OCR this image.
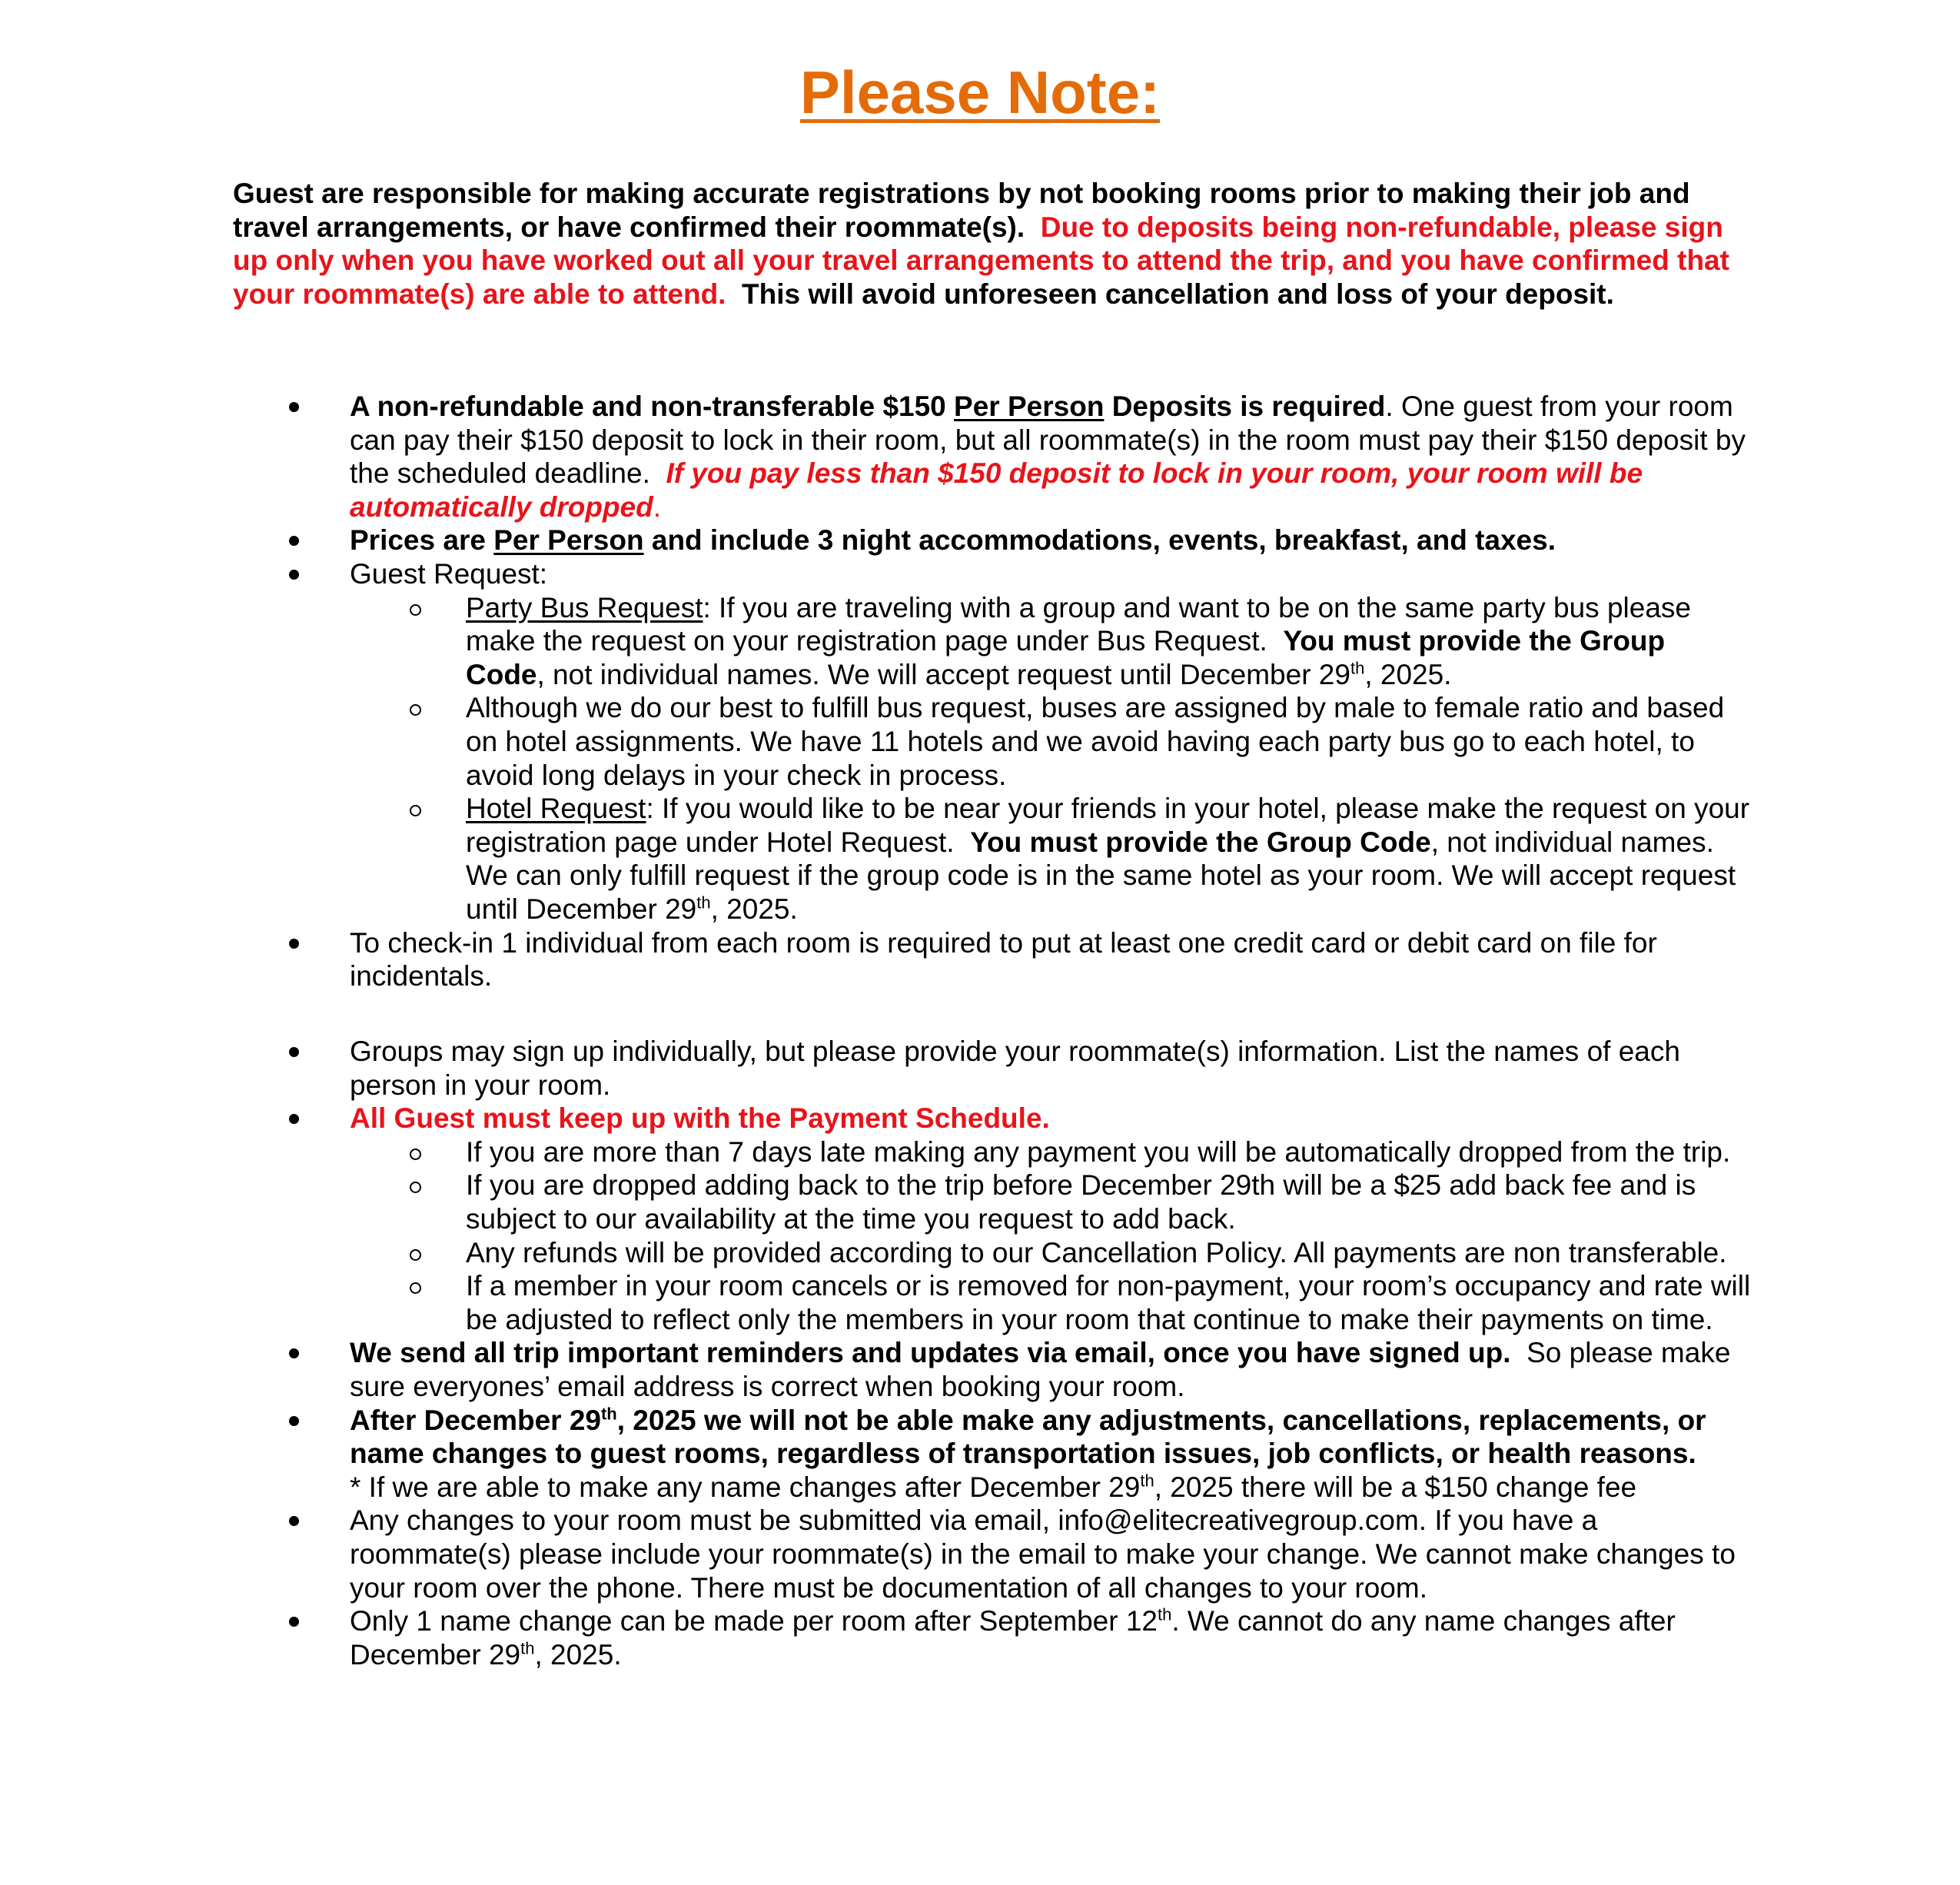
Please Note:
Guest are responsible for making accurate registrations by not booking rooms prior to making their job and travel arrangements, or have confirmed their roommate(s). Due to deposits being non-refundable, please sign up only when you have worked out all your travel arrangements to attend the trip, and you have confirmed that your roommate(s) are able to attend. This will avoid unforeseen cancellation and loss of your deposit.
A non-refundable and non-transferable $150 Per Person Deposits is required. One guest from your room can pay their $150 deposit to lock in their room, but all roommate(s) in the room must pay their $150 deposit by the scheduled deadline. If you pay less than $150 deposit to lock in your room, your room will be automatically dropped.
Prices are Per Person and include 3 night accommodations, events, breakfast, and taxes.
Guest Request:
Party Bus Request: If you are traveling with a group and want to be on the same party bus please make the request on your registration page under Bus Request. You must provide the Group Code, not individual names. We will accept request until December 29th, 2025.
Although we do our best to fulfill bus request, buses are assigned by male to female ratio and based on hotel assignments. We have 11 hotels and we avoid having each party bus go to each hotel, to avoid long delays in your check in process.
Hotel Request: If you would like to be near your friends in your hotel, please make the request on your registration page under Hotel Request. You must provide the Group Code, not individual names. We can only fulfill request if the group code is in the same hotel as your room. We will accept request until December 29th, 2025.
To check-in 1 individual from each room is required to put at least one credit card or debit card on file for incidentals.
Groups may sign up individually, but please provide your roommate(s) information. List the names of each person in your room.
All Guest must keep up with the Payment Schedule.
If you are more than 7 days late making any payment you will be automatically dropped from the trip.
If you are dropped adding back to the trip before December 29th will be a $25 add back fee and is subject to our availability at the time you request to add back.
Any refunds will be provided according to our Cancellation Policy. All payments are non transferable.
If a member in your room cancels or is removed for non-payment, your room’s occupancy and rate will be adjusted to reflect only the members in your room that continue to make their payments on time.
We send all trip important reminders and updates via email, once you have signed up. So please make sure everyones’ email address is correct when booking your room.
After December 29th, 2025 we will not be able make any adjustments, cancellations, replacements, or name changes to guest rooms, regardless of transportation issues, job conflicts, or health reasons.
* If we are able to make any name changes after December 29th, 2025 there will be a $150 change fee
Any changes to your room must be submitted via email, info@elitecreativegroup.com. If you have a roommate(s) please include your roommate(s) in the email to make your change. We cannot make changes to your room over the phone. There must be documentation of all changes to your room.
Only 1 name change can be made per room after September 12th. We cannot do any name changes after December 29th, 2025.
